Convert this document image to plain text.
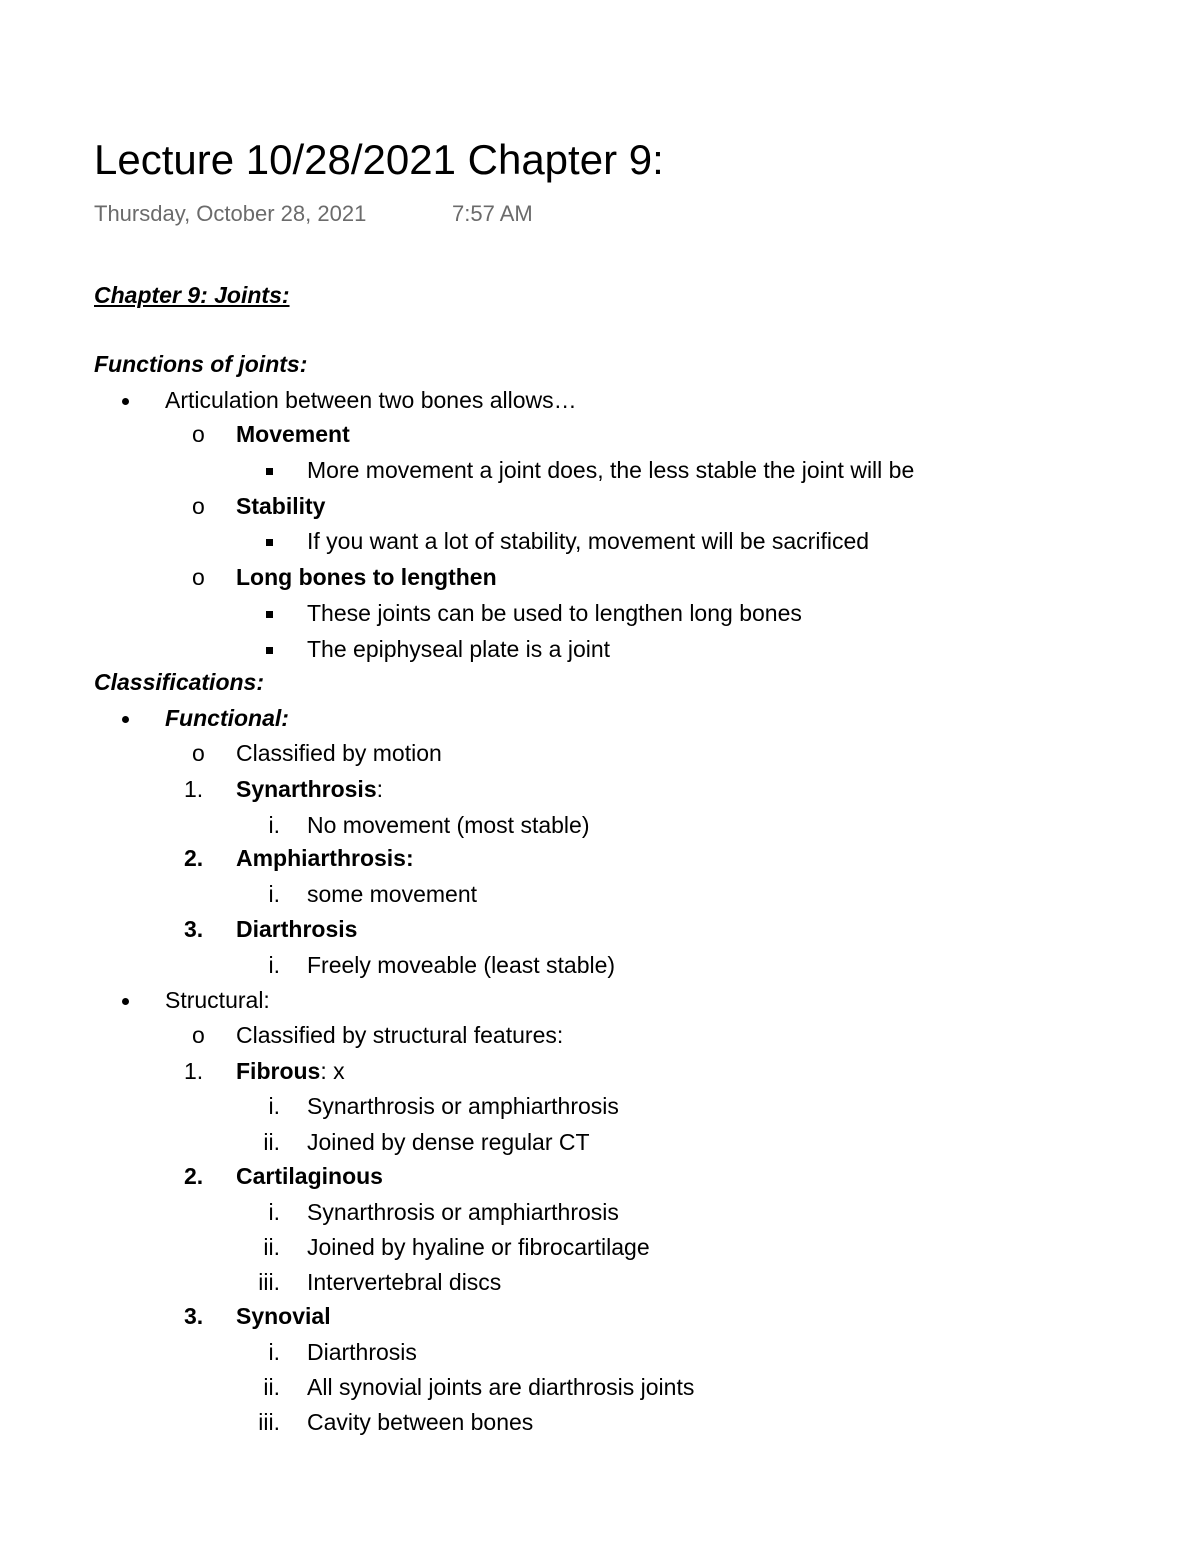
Lecture 10/28/2021 Chapter 9:
Thursday, October 28, 2021	7:57 AM
Chapter 9: Joints:
Functions of joints:
Articulation between two bones allows…
o Movement
More movement a joint does, the less stable the joint will be
o Stability
If you want a lot of stability, movement will be sacrificed
o Long bones to lengthen
These joints can be used to lengthen long bones
The epiphyseal plate is a joint
Classifications:
Functional:
o Classified by motion
1. Synarthrosis:
i. No movement (most stable)
2. Amphiarthrosis:
i. some movement
3. Diarthrosis
i. Freely moveable (least stable)
Structural:
o Classified by structural features:
1. Fibrous: x
i. Synarthrosis or amphiarthrosis
ii. Joined by dense regular CT
2. Cartilaginous
i. Synarthrosis or amphiarthrosis
ii. Joined by hyaline or fibrocartilage
iii. Intervertebral discs
3. Synovial
i. Diarthrosis
ii. All synovial joints are diarthrosis joints
iii. Cavity between bones
